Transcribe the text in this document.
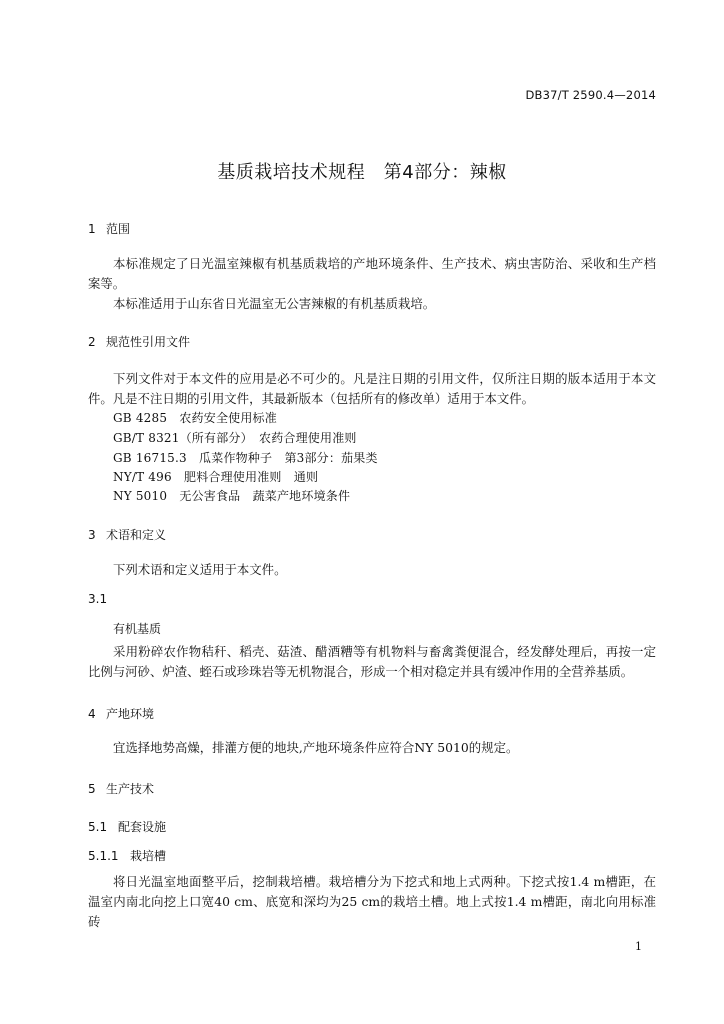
DB37/T 2590.4—2014
基质栽培技术规程　第4部分：辣椒
1 范围
本标准规定了日光温室辣椒有机基质栽培的产地环境条件、生产技术、病虫害防治、采收和生产档案等。
本标准适用于山东省日光温室无公害辣椒的有机基质栽培。
2 规范性引用文件
下列文件对于本文件的应用是必不可少的。凡是注日期的引用文件，仅所注日期的版本适用于本文件。凡是不注日期的引用文件，其最新版本（包括所有的修改单）适用于本文件。
GB 4285　农药安全使用标准
GB/T 8321（所有部分）　农药合理使用准则
GB 16715.3　瓜菜作物种子　第3部分：茄果类
NY/T 496　肥料合理使用准则　通则
NY 5010　无公害食品　蔬菜产地环境条件
3 术语和定义
下列术语和定义适用于本文件。
3.1
有机基质
采用粉碎农作物秸秆、稻壳、菇渣、醋酒糟等有机物料与畜禽粪便混合，经发酵处理后，再按一定比例与河砂、炉渣、蛭石或珍珠岩等无机物混合，形成一个相对稳定并具有缓冲作用的全营养基质。
4 产地环境
宜选择地势高燥，排灌方便的地块,产地环境条件应符合NY 5010的规定。
5 生产技术
5.1 配套设施
5.1.1 栽培槽
将日光温室地面整平后，挖制栽培槽。栽培槽分为下挖式和地上式两种。下挖式按1.4 m槽距，在温室内南北向挖上口宽40 cm、底宽和深均为25 cm的栽培土槽。地上式按1.4 m槽距，南北向用标准砖
1
